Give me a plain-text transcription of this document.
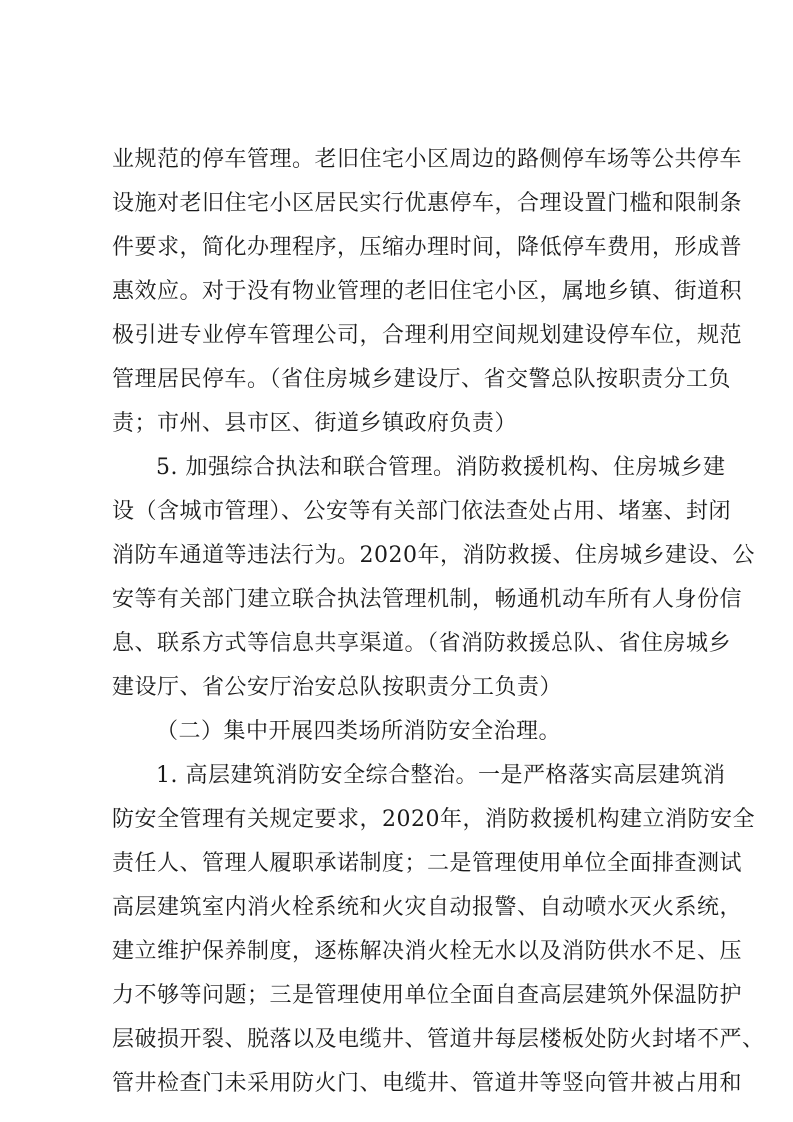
业规范的停车管理。老旧住宅小区周边的路侧停车场等公共停车
设施对老旧住宅小区居民实行优惠停车，合理设置门槛和限制条
件要求，简化办理程序，压缩办理时间，降低停车费用，形成普
惠效应。对于没有物业管理的老旧住宅小区，属地乡镇、街道积
极引进专业停车管理公司，合理利用空间规划建设停车位，规范
管理居民停车。（省住房城乡建设厅、省交警总队按职责分工负
责；市州、县市区、街道乡镇政府负责）
5. 加强综合执法和联合管理。消防救援机构、住房城乡建
设（含城市管理）、公安等有关部门依法查处占用、堵塞、封闭
消防车通道等违法行为。2020年，消防救援、住房城乡建设、公
安等有关部门建立联合执法管理机制，畅通机动车所有人身份信
息、联系方式等信息共享渠道。（省消防救援总队、省住房城乡
建设厅、省公安厅治安总队按职责分工负责）
（二）集中开展四类场所消防安全治理。
1. 高层建筑消防安全综合整治。一是严格落实高层建筑消
防安全管理有关规定要求，2020年，消防救援机构建立消防安全
责任人、管理人履职承诺制度；二是管理使用单位全面排查测试
高层建筑室内消火栓系统和火灾自动报警、自动喷水灭火系统，
建立维护保养制度，逐栋解决消火栓无水以及消防供水不足、压
力不够等问题；三是管理使用单位全面自查高层建筑外保温防护
层破损开裂、脱落以及电缆井、管道井每层楼板处防火封堵不严、
管井检查门未采用防火门、电缆井、管道井等竖向管井被占用和
